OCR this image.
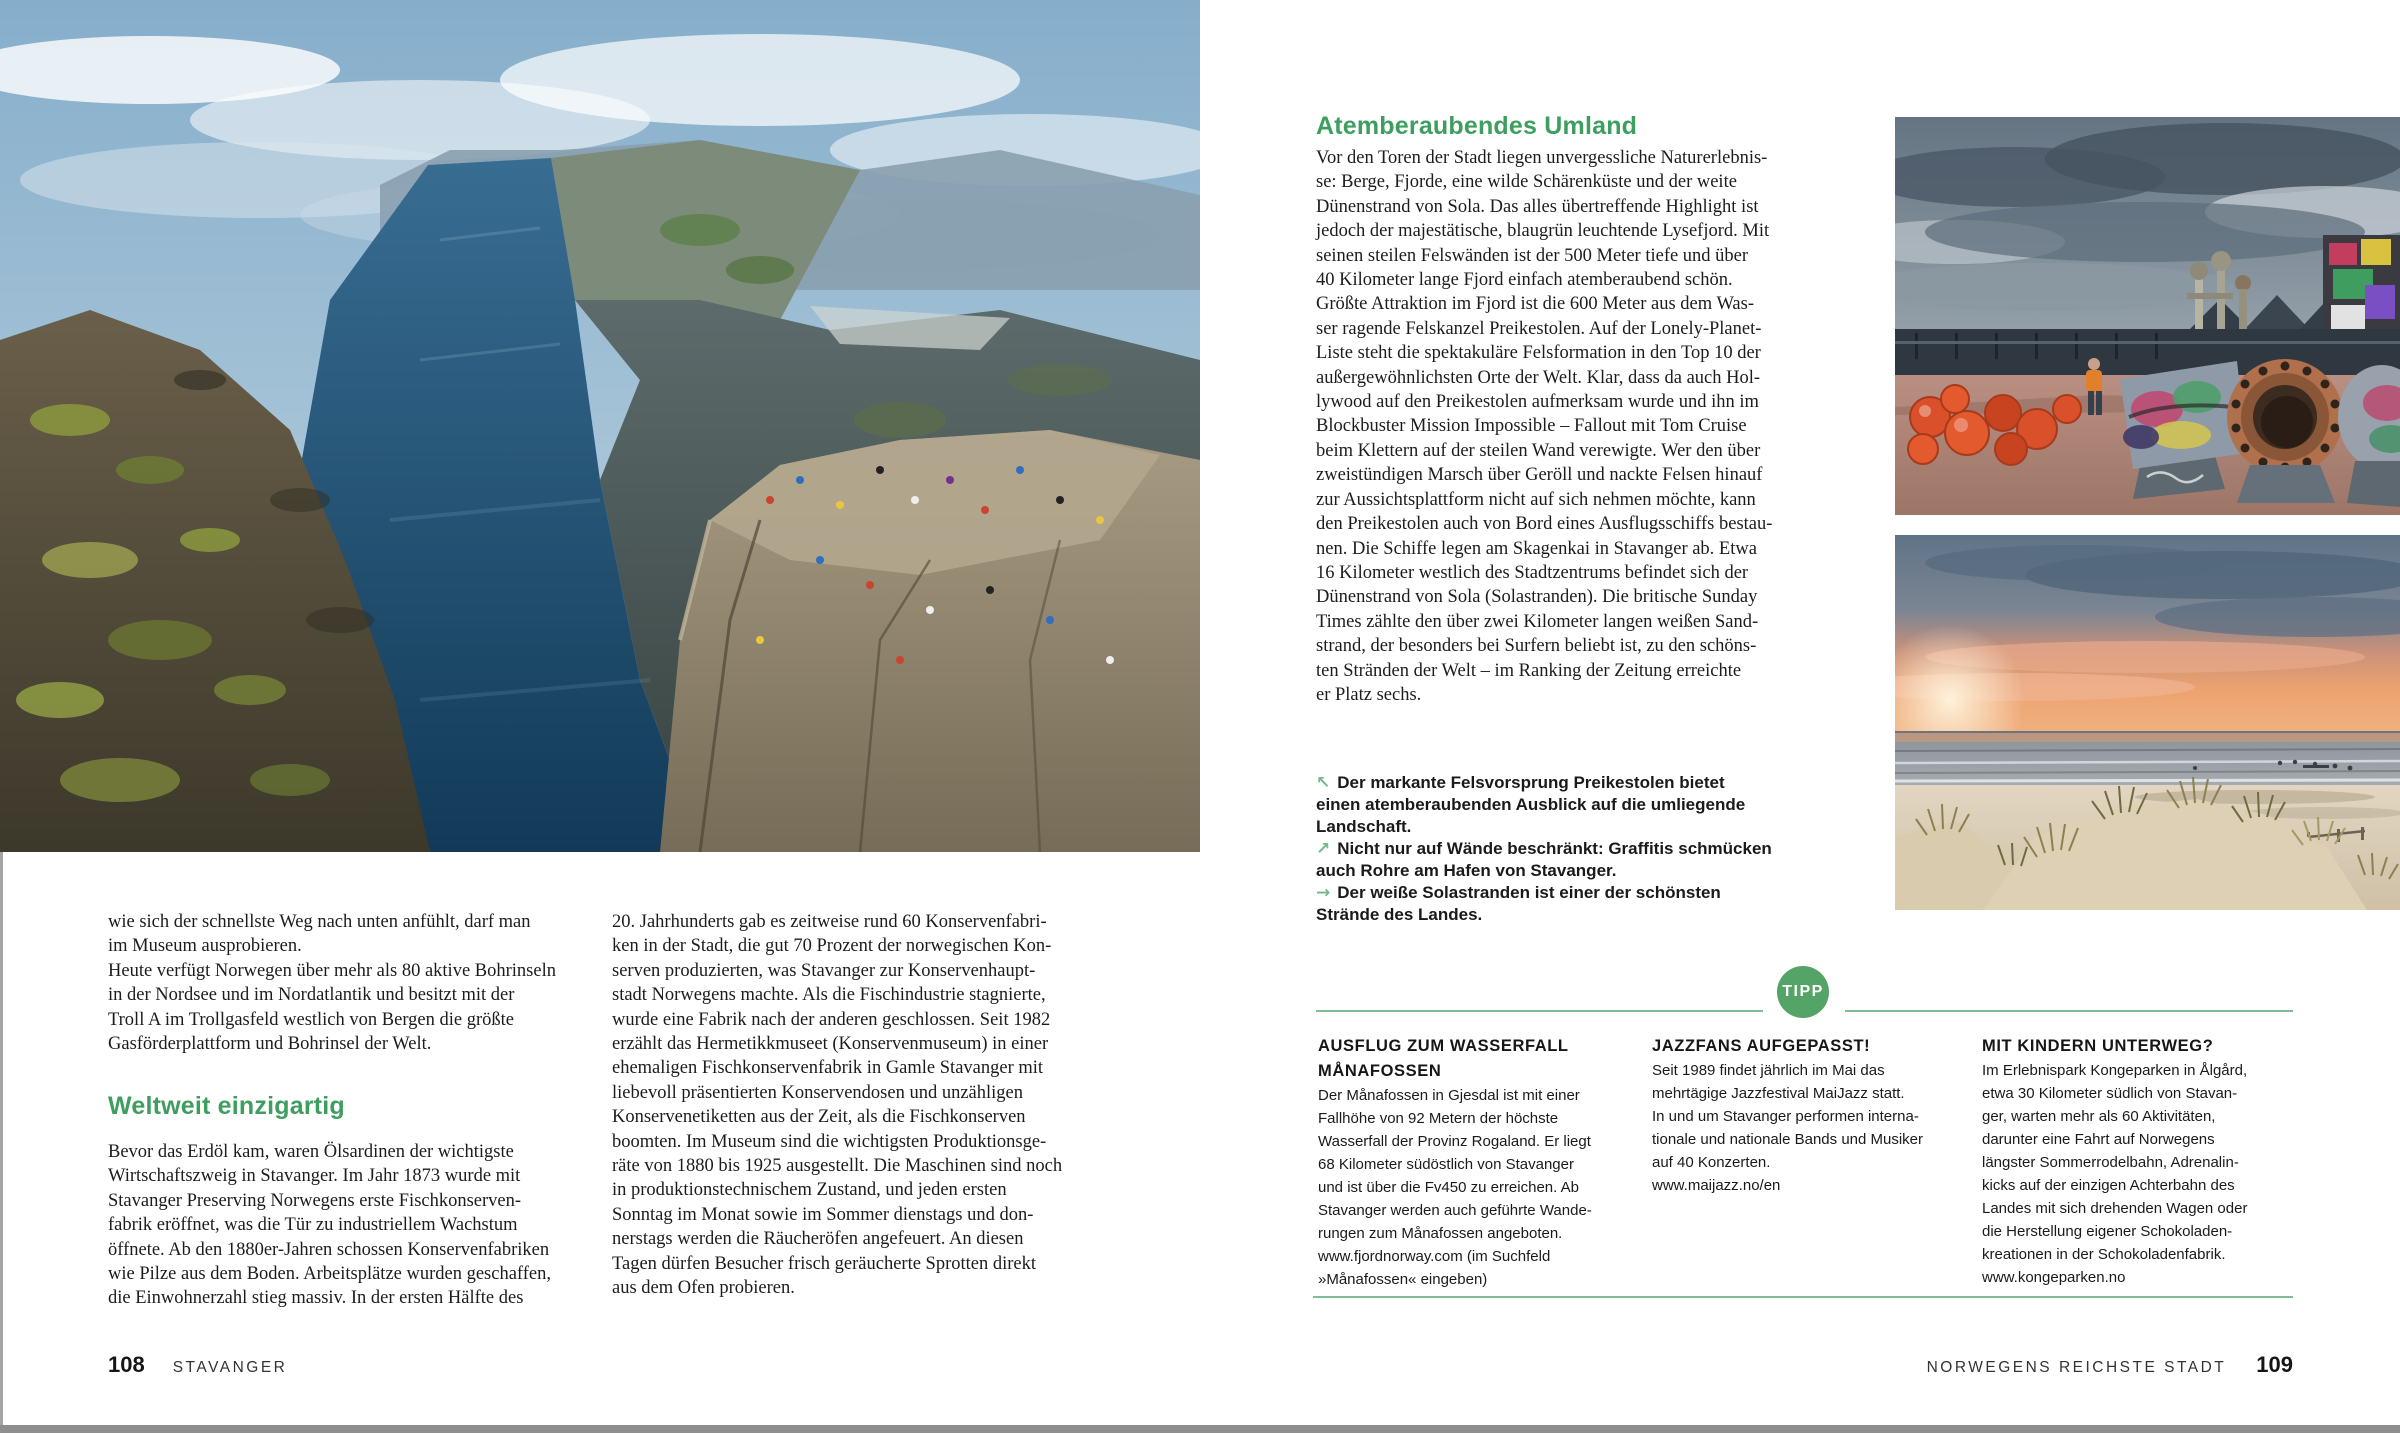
wie sich der schnellste Weg nach unten anfühlt, darf man
im Museum ausprobieren.
Heute verfügt Norwegen über mehr als 80 aktive Bohrinseln
in der Nordsee und im Nordatlantik und besitzt mit der
Troll A im Trollgasfeld westlich von Bergen die größte
Gasförderplattform und Bohrinsel der Welt.
Weltweit einzigartig
Bevor das Erdöl kam, waren Ölsardinen der wichtigste
Wirtschaftszweig in Stavanger. Im Jahr 1873 wurde mit
Stavanger Preserving Norwegens erste Fischkonserven-
fabrik eröffnet, was die Tür zu industriellem Wachstum
öffnete. Ab den 1880er-Jahren schossen Konservenfabriken
wie Pilze aus dem Boden. Arbeitsplätze wurden geschaffen,
die Einwohnerzahl stieg massiv. In der ersten Hälfte des
20. Jahrhunderts gab es zeitweise rund 60 Konservenfabri-
ken in der Stadt, die gut 70 Prozent der norwegischen Kon-
serven produzierten, was Stavanger zur Konservenhaupt-
stadt Norwegens machte. Als die Fischindustrie stagnierte,
wurde eine Fabrik nach der anderen geschlossen. Seit 1982
erzählt das Hermetikkmuseet (Konservenmuseum) in einer
ehemaligen Fischkonservenfabrik in Gamle Stavanger mit
liebevoll präsentierten Konservendosen und unzähligen
Konservenetiketten aus der Zeit, als die Fischkonserven
boomten. Im Museum sind die wichtigsten Produktionsge-
räte von 1880 bis 1925 ausgestellt. Die Maschinen sind noch
in produktionstechnischem Zustand, und jeden ersten
Sonntag im Monat sowie im Sommer dienstags und don-
nerstags werden die Räucheröfen angefeuert. An diesen
Tagen dürfen Besucher frisch geräucherte Sprotten direkt
aus dem Ofen probieren.
108 STAVANGER
Atemberaubendes Umland
Vor den Toren der Stadt liegen unvergessliche Naturerlebnis-
se: Berge, Fjorde, eine wilde Schärenküste und der weite
Dünenstrand von Sola. Das alles übertreffende Highlight ist
jedoch der majestätische, blaugrün leuchtende Lysefjord. Mit
seinen steilen Felswänden ist der 500 Meter tiefe und über
40 Kilometer lange Fjord einfach atemberaubend schön.
Größte Attraktion im Fjord ist die 600 Meter aus dem Was-
ser ragende Felskanzel Preikestolen. Auf der Lonely-Planet-
Liste steht die spektakuläre Felsformation in den Top 10 der
außergewöhnlichsten Orte der Welt. Klar, dass da auch Hol-
lywood auf den Preikestolen aufmerksam wurde und ihn im
Blockbuster Mission Impossible – Fallout mit Tom Cruise
beim Klettern auf der steilen Wand verewigte. Wer den über
zweistündigen Marsch über Geröll und nackte Felsen hinauf
zur Aussichtsplattform nicht auf sich nehmen möchte, kann
den Preikestolen auch von Bord eines Ausflugsschiffs bestau-
nen. Die Schiffe legen am Skagenkai in Stavanger ab. Etwa
16 Kilometer westlich des Stadtzentrums befindet sich der
Dünenstrand von Sola (Solastranden). Die britische Sunday
Times zählte den über zwei Kilometer langen weißen Sand-
strand, der besonders bei Surfern beliebt ist, zu den schöns-
ten Stränden der Welt – im Ranking der Zeitung erreichte
er Platz sechs.
↖ Der markante Felsvorsprung Preikestolen bietet
einen atemberaubenden Ausblick auf die umliegende
Landschaft.
↗ Nicht nur auf Wände beschränkt: Graffitis schmücken
auch Rohre am Hafen von Stavanger.
→ Der weiße Solastranden ist einer der schönsten
Strände des Landes.
TIPP
AUSFLUG ZUM WASSERFALL
MÅNAFOSSEN
Der Månafossen in Gjesdal ist mit einer
Fallhöhe von 92 Metern der höchste
Wasserfall der Provinz Rogaland. Er liegt
68 Kilometer südöstlich von Stavanger
und ist über die Fv450 zu erreichen. Ab
Stavanger werden auch geführte Wande-
rungen zum Månafossen angeboten.
www.fjordnorway.com (im Suchfeld
»Månafossen« eingeben)
JAZZFANS AUFGEPASST!
Seit 1989 findet jährlich im Mai das
mehrtägige Jazzfestival MaiJazz statt.
In und um Stavanger performen interna-
tionale und nationale Bands und Musiker
auf 40 Konzerten.
www.maijazz.no/en
MIT KINDERN UNTERWEG?
Im Erlebnispark Kongeparken in Ålgård,
etwa 30 Kilometer südlich von Stavan-
ger, warten mehr als 60 Aktivitäten,
darunter eine Fahrt auf Norwegens
längster Sommerrodelbahn, Adrenalin-
kicks auf der einzigen Achterbahn des
Landes mit sich drehenden Wagen oder
die Herstellung eigener Schokoladen-
kreationen in der Schokoladenfabrik.
www.kongeparken.no
NORWEGENS REICHSTE STADT 109
